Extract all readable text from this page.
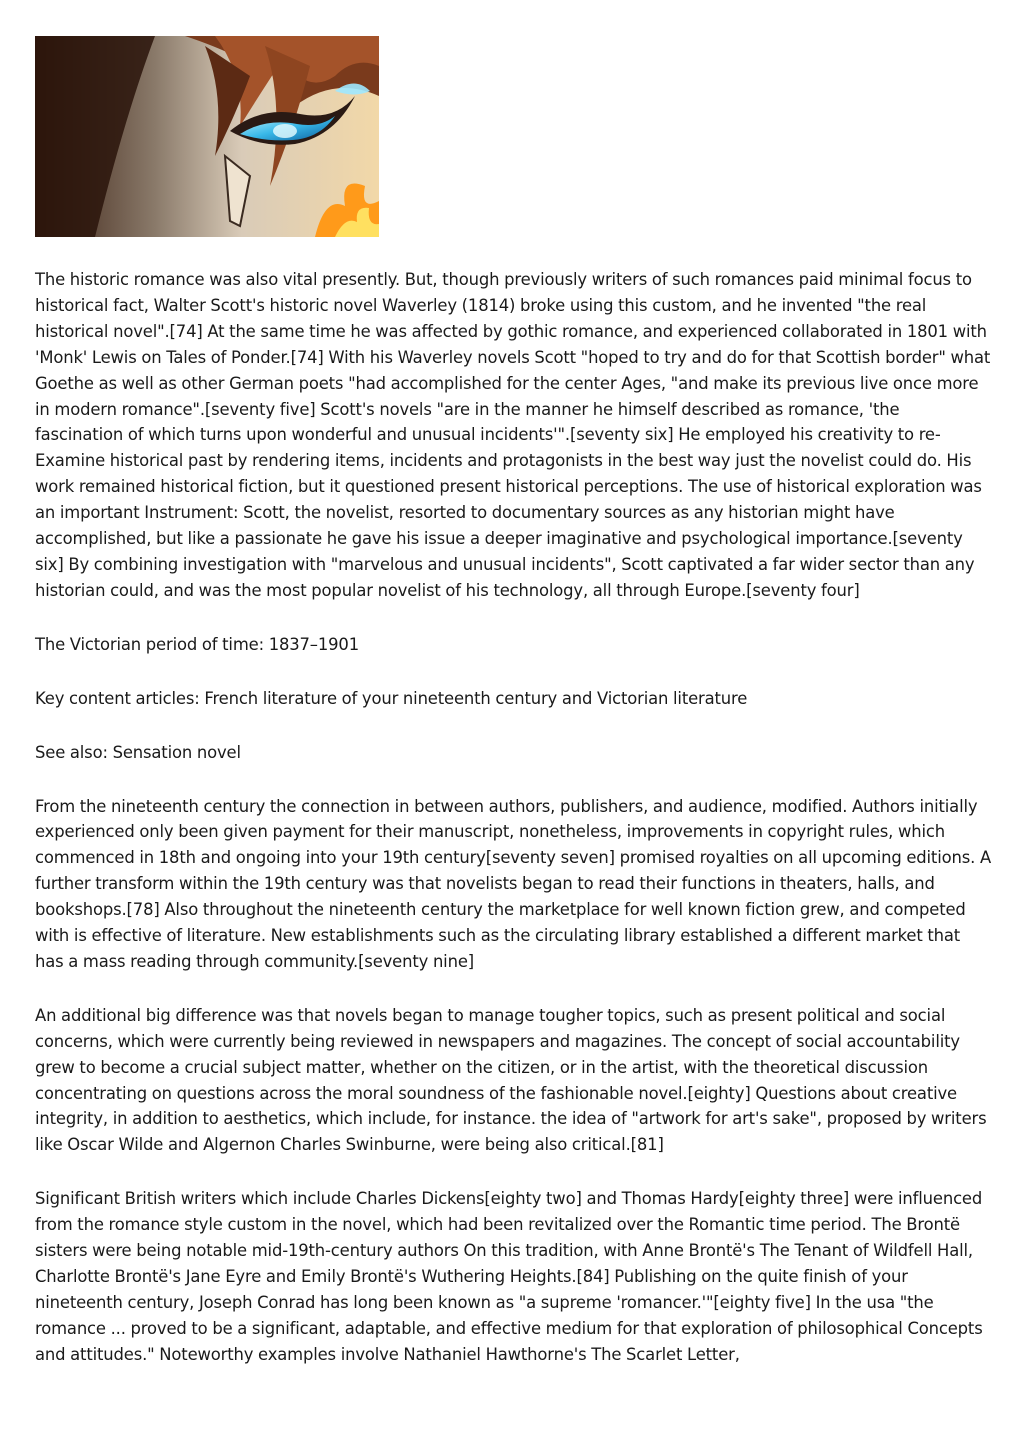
The historic romance was also vital presently. But, though previously writers of such romances paid minimal focus to historical fact, Walter Scott's historic novel Waverley (1814) broke using this custom, and he invented "the real historical novel".[74] At the same time he was affected by gothic romance, and experienced collaborated in 1801 with 'Monk' Lewis on Tales of Ponder.[74] With his Waverley novels Scott "hoped to try and do for that Scottish border" what Goethe as well as other German poets "had accomplished for the center Ages, "and make its previous live once more in modern romance".[seventy five] Scott's novels "are in the manner he himself described as romance, 'the fascination of which turns upon wonderful and unusual incidents'".[seventy six] He employed his creativity to re-Examine historical past by rendering items, incidents and protagonists in the best way just the novelist could do. His work remained historical fiction, but it questioned present historical perceptions. The use of historical exploration was an important Instrument: Scott, the novelist, resorted to documentary sources as any historian might have accomplished, but like a passionate he gave his issue a deeper imaginative and psychological importance.[seventy six] By combining investigation with "marvelous and unusual incidents", Scott captivated a far wider sector than any historian could, and was the most popular novelist of his technology, all through Europe.[seventy four]

The Victorian period of time: 1837–1901

Key content articles: French literature of your nineteenth century and Victorian literature

See also: Sensation novel

From the nineteenth century the connection in between authors, publishers, and audience, modified. Authors initially experienced only been given payment for their manuscript, nonetheless, improvements in copyright rules, which commenced in 18th and ongoing into your 19th century[seventy seven] promised royalties on all upcoming editions. A further transform within the 19th century was that novelists began to read their functions in theaters, halls, and bookshops.[78] Also throughout the nineteenth century the marketplace for well known fiction grew, and competed with is effective of literature. New establishments such as the circulating library established a different market that has a mass reading through community.[seventy nine]

An additional big difference was that novels began to manage tougher topics, such as present political and social concerns, which were currently being reviewed in newspapers and magazines. The concept of social accountability grew to become a crucial subject matter, whether on the citizen, or in the artist, with the theoretical discussion concentrating on questions across the moral soundness of the fashionable novel.[eighty] Questions about creative integrity, in addition to aesthetics, which include, for instance. the idea of "artwork for art's sake", proposed by writers like Oscar Wilde and Algernon Charles Swinburne, were being also critical.[81]

Significant British writers which include Charles Dickens[eighty two] and Thomas Hardy[eighty three] were influenced from the romance style custom in the novel, which had been revitalized over the Romantic time period. The Brontë sisters were being notable mid-19th-century authors On this tradition, with Anne Brontë's The Tenant of Wildfell Hall, Charlotte Brontë's Jane Eyre and Emily Brontë's Wuthering Heights.[84] Publishing on the quite finish of your nineteenth century, Joseph Conrad has long been known as "a supreme 'romancer.'"[eighty five] In the usa "the romance ... proved to be a significant, adaptable, and effective medium for that exploration of philosophical Concepts and attitudes." Noteworthy examples involve Nathaniel Hawthorne's The Scarlet Letter,
